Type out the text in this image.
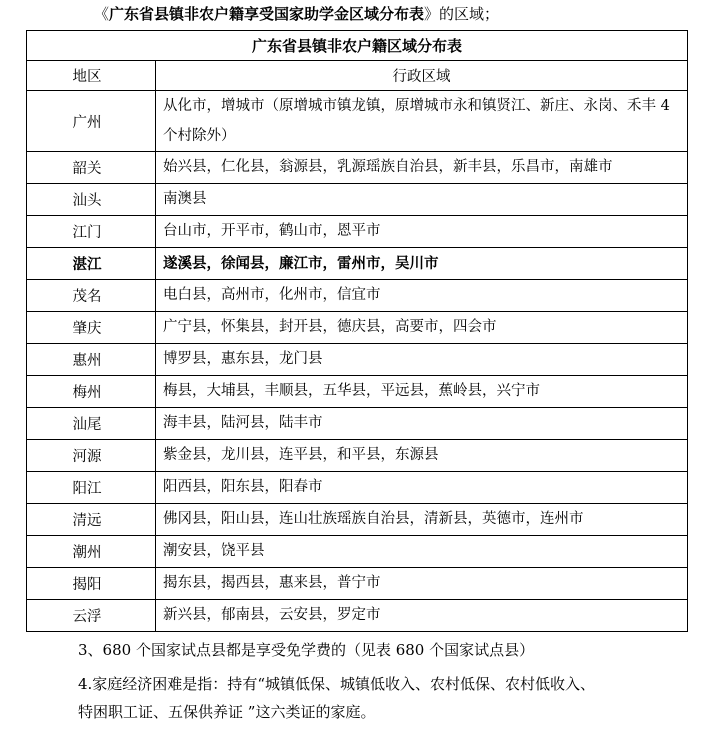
《广东省县镇非农户籍享受国家助学金区域分布表》的区域；
广东省县镇非农户籍区域分布表	
地区	行政区域
广州	从化市，增城市（原增城市镇龙镇，原增城市永和镇贤江、新庄、永岗、禾丰 4 个村除外）
韶关	始兴县，仁化县，翁源县，乳源瑶族自治县，新丰县，乐昌市，南雄市
汕头	南澳县
江门	台山市，开平市，鹤山市，恩平市
湛江	遂溪县，徐闻县，廉江市，雷州市，吴川市
茂名	电白县，高州市，化州市，信宜市
肇庆	广宁县，怀集县，封开县，德庆县，高要市，四会市
惠州	博罗县，惠东县，龙门县
梅州	梅县，大埔县，丰顺县，五华县，平远县，蕉岭县，兴宁市
汕尾	海丰县，陆河县，陆丰市
河源	紫金县，龙川县，连平县，和平县，东源县
阳江	阳西县，阳东县，阳春市
清远	佛冈县，阳山县，连山壮族瑶族自治县，清新县，英德市，连州市
潮州	潮安县，饶平县
揭阳	揭东县，揭西县，惠来县，普宁市
云浮	新兴县，郁南县，云安县，罗定市
3、680 个国家试点县都是享受免学费的（见表 680 个国家试点县）
4.家庭经济困难是指：持有“城镇低保、城镇低收入、农村低保、农村低收入、
特困职工证、五保供养证 ”这六类证的家庭。
